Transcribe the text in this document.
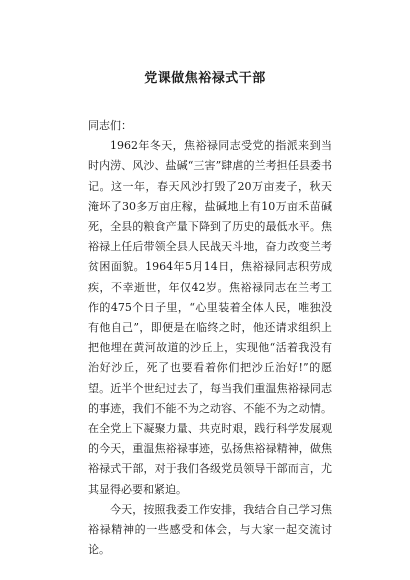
党课做焦裕禄式干部

同志们：

1962年冬天，焦裕禄同志受党的指派来到当时内涝、风沙、盐碱“三害”肆虐的兰考担任县委书记。这一年，春天风沙打毁了20万亩麦子，秋天淹坏了30多万亩庄稼，盐碱地上有10万亩禾苗碱死，全县的粮食产量下降到了历史的最低水平。焦裕禄上任后带领全县人民战天斗地，奋力改变兰考贫困面貌。1964年5月14日，焦裕禄同志积劳成疾，不幸逝世，年仅42岁。焦裕禄同志在兰考工作的475个日子里，“心里装着全体人民，唯独没有他自己”，即便是在临终之时，他还请求组织上把他埋在黄河故道的沙丘上，实现他“活着我没有治好沙丘，死了也要看着你们把沙丘治好!”的愿望。近半个世纪过去了，每当我们重温焦裕禄同志的事迹，我们不能不为之动容、不能不为之动情。在全党上下凝聚力量、共克时艰，践行科学发展观的今天，重温焦裕禄事迹，弘扬焦裕禄精神，做焦裕禄式干部，对于我们各级党员领导干部而言，尤其显得必要和紧迫。

今天，按照我委工作安排，我结合自己学习焦裕禄精神的一些感受和体会，与大家一起交流讨论。
